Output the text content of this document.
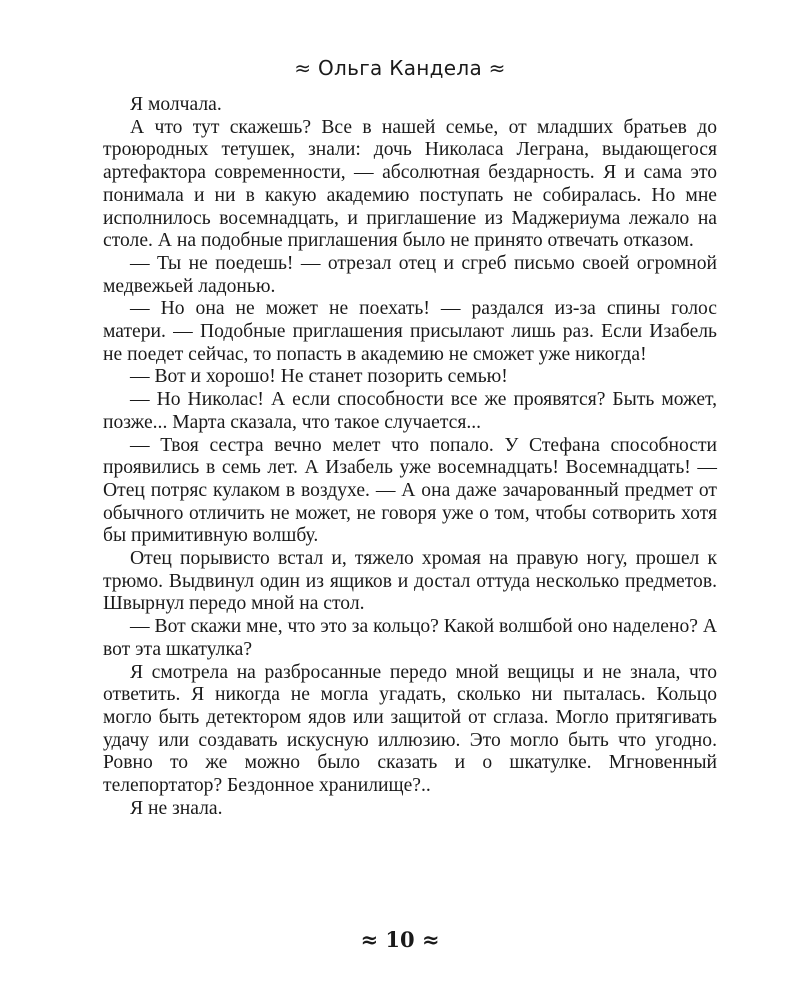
≈ Ольга Кандела ≈

Я молчала.

А что тут скажешь? Все в нашей семье, от младших братьев до троюродных тетушек, знали: дочь Николаса Легрaна, выдающегося артефактора современности, — абсолютная бездарность. Я и сама это понимала и ни в какую академию поступать не собиралась. Но мне исполнилось восемнадцать, и приглашение из Маджериума лежало на столе. А на подобные приглашения было не принято отвечать отказом.

— Ты не поедешь! — отрезал отец и сгреб письмо своей огромной медвежьей ладонью.

— Но она не может не поехать! — раздался из-за спины голос матери. — Подобные приглашения присылают лишь раз. Если Изабель не поедет сейчас, то попасть в академию не сможет уже никогда!

— Вот и хорошо! Не станет позорить семью!

— Но Николас! А если способности все же проявятся? Быть может, позже... Марта сказала, что такое случается...

— Твоя сестра вечно мелет что попало. У Стефана способности проявились в семь лет. А Изабель уже восемнадцать! Восемнадцать! — Отец потряс кулаком в воздухе. — А она даже зачарованный предмет от обычного отличить не может, не говоря уже о том, чтобы сотворить хотя бы примитивную волшбу.

Отец порывисто встал и, тяжело хромая на правую ногу, прошел к трюмо. Выдвинул один из ящиков и достал оттуда несколько предметов. Швырнул передо мной на стол.

— Вот скажи мне, что это за кольцо? Какой волшбой оно наделено? А вот эта шкатулка?

Я смотрела на разбросанные передо мной вещицы и не знала, что ответить. Я никогда не могла угадать, сколько ни пыталась. Кольцо могло быть детектором ядов или защитой от сглаза. Могло притягивать удачу или создавать искусную иллюзию. Это могло быть что угодно. Ровно то же можно было сказать и о шкатулке. Мгновенный телепортатор? Бездонное хранилище?..

Я не знала.

≈ 10 ≈
